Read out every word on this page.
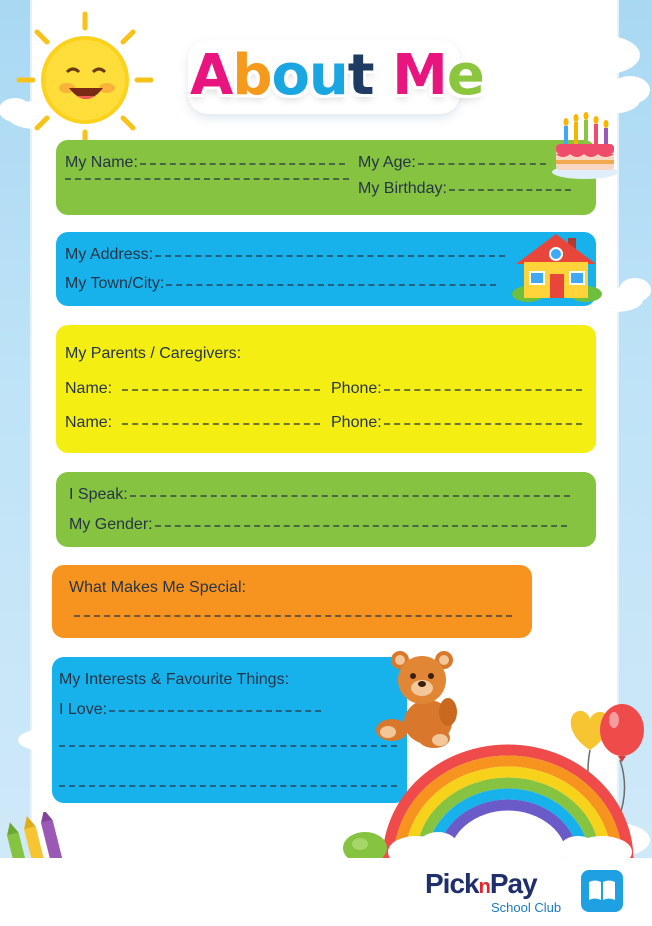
About Me
My Name:	My Age:
My Birthday:
My Address:
My Town/City:
My Parents / Caregivers:
Name:	Phone:
Name:	Phone:
I Speak:
My Gender:
What Makes Me Special:
My Interests & Favourite Things:
I Love:
PicknPay
School Club
